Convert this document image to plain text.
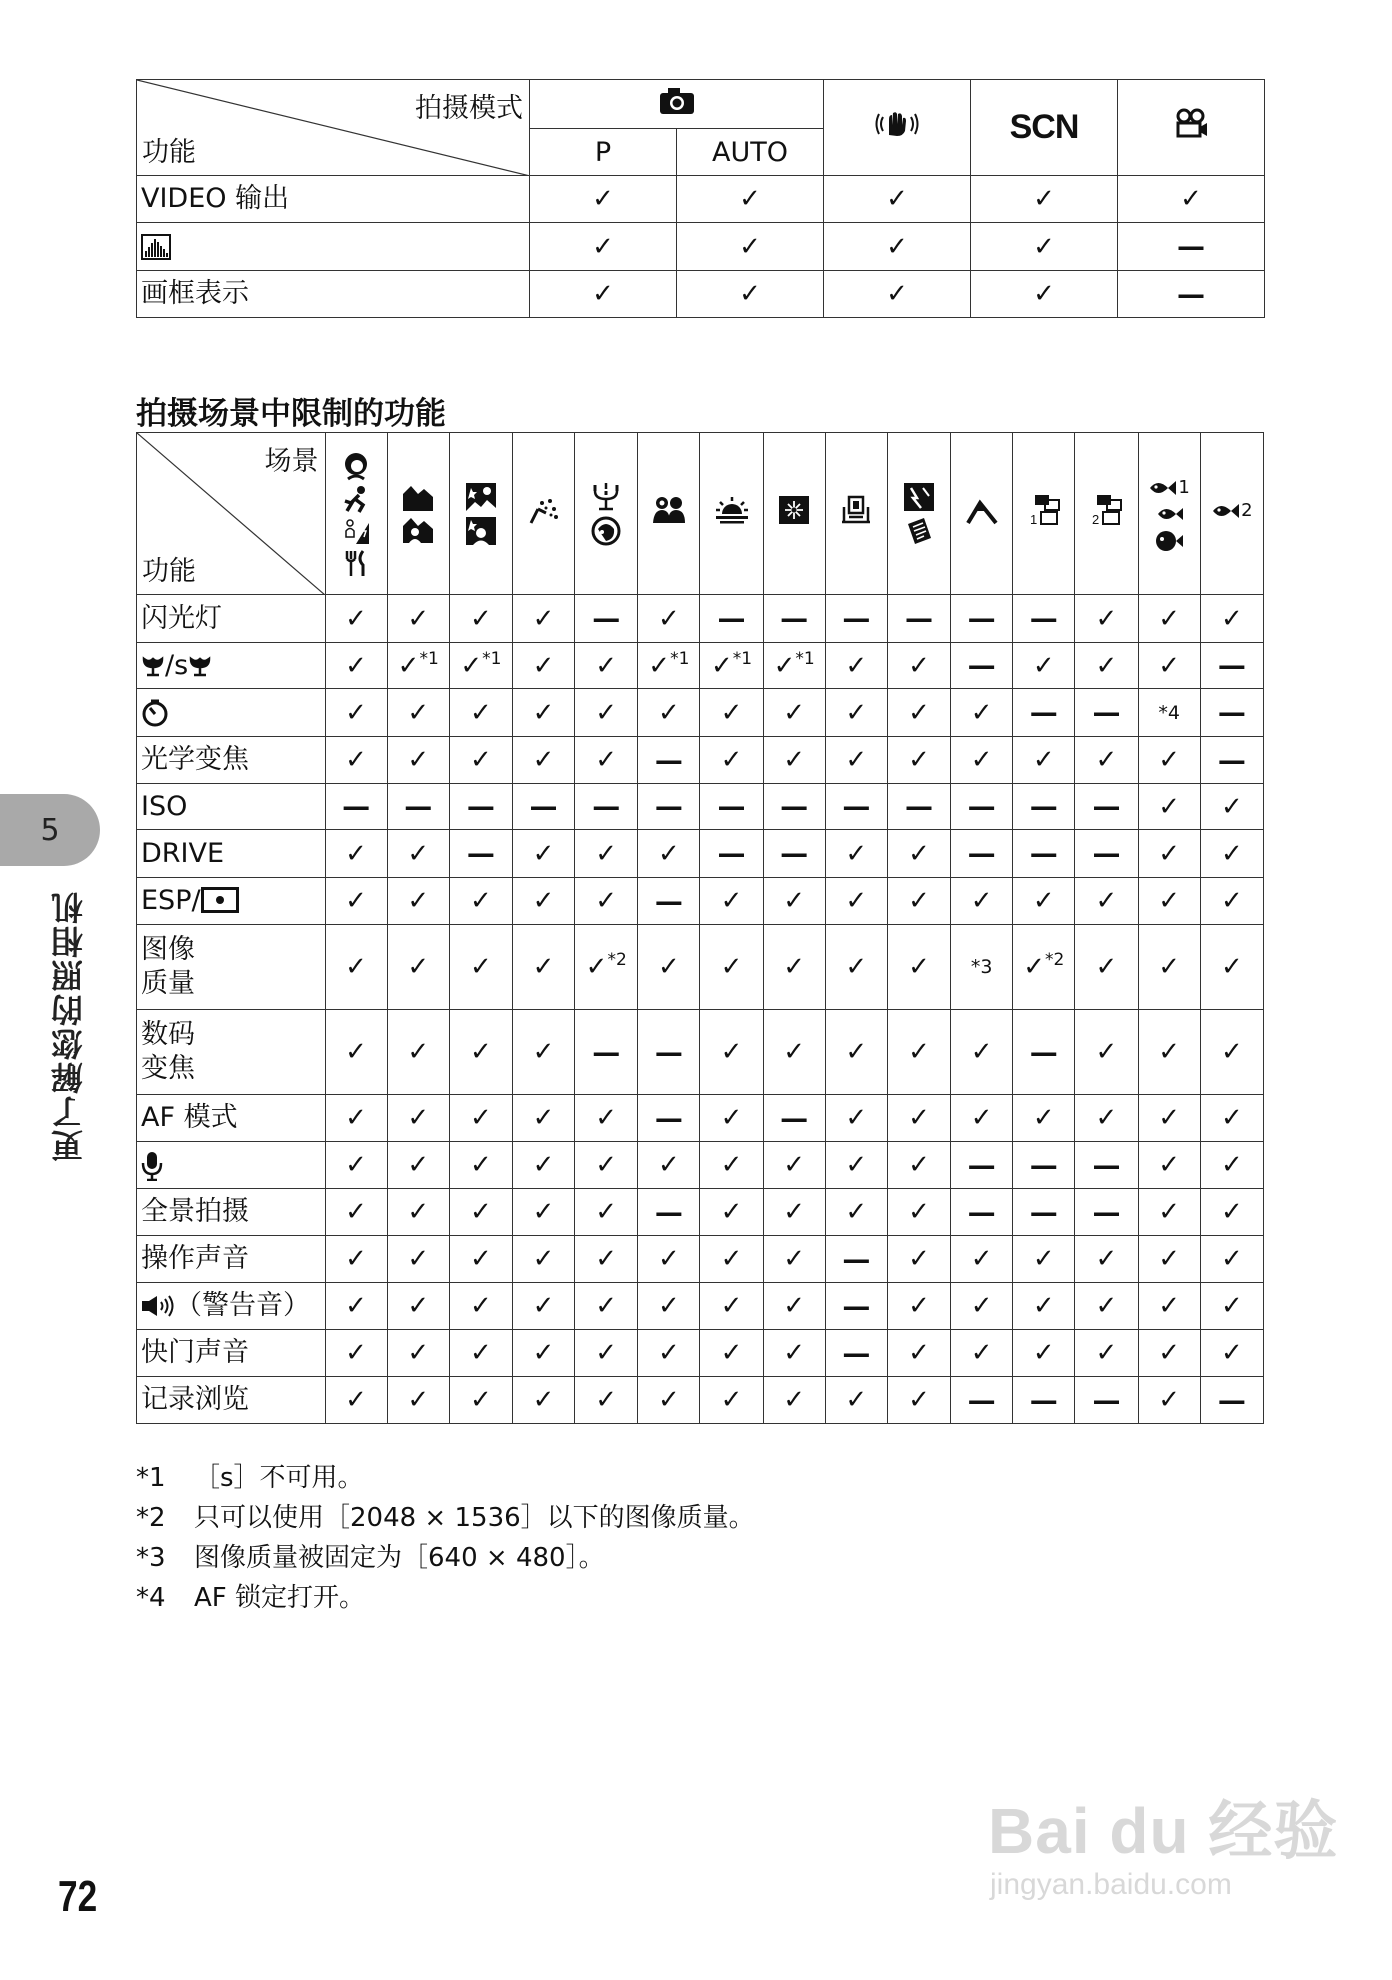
拍摄模式
功能				SCN	
	P	AUTO			
VIDEO 输出	✓	✓	✓	✓	✓
	✓	✓	✓	✓	—
画框表示	✓	✓	✓	✓	—
拍摄场景中限制的功能
场景
功能												1	2	1	2

闪光灯	✓	✓	✓	✓	—	✓	—	—	—	—	—	—	✓	✓	✓
/s	✓	✓$^{*1}$	✓$^{*1}$	✓	✓	✓$^{*1}$	✓$^{*1}$	✓$^{*1}$	✓	✓	—	✓	✓	✓	—
	✓	✓	✓	✓	✓	✓	✓	✓	✓	✓	✓	—	—	*4	—
光学变焦	✓	✓	✓	✓	✓	—	✓	✓	✓	✓	✓	✓	✓	✓	—
ISO	—	—	—	—	—	—	—	—	—	—	—	—	—	✓	✓
DRIVE	✓	✓	—	✓	✓	✓	—	—	✓	✓	—	—	—	✓	✓
ESP/	✓	✓	✓	✓	✓	—	✓	✓	✓	✓	✓	✓	✓	✓	✓
图像
质量	✓	✓	✓	✓	✓$^{*2}$	✓	✓	✓	✓	✓	*3	✓$^{*2}$	✓	✓	✓
数码
变焦	✓	✓	✓	✓	—	—	✓	✓	✓	✓	✓	—	✓	✓	✓
AF 模式	✓	✓	✓	✓	✓	—	✓	—	✓	✓	✓	✓	✓	✓	✓
	✓	✓	✓	✓	✓	✓	✓	✓	✓	✓	—	—	—	✓	✓
全景拍摄	✓	✓	✓	✓	✓	—	✓	✓	✓	✓	—	—	—	✓	✓
操作声音	✓	✓	✓	✓	✓	✓	✓	✓	—	✓	✓	✓	✓	✓	✓
（警告音）	✓	✓	✓	✓	✓	✓	✓	✓	—	✓	✓	✓	✓	✓	✓
快门声音	✓	✓	✓	✓	✓	✓	✓	✓	—	✓	✓	✓	✓	✓	✓
记录浏览	✓	✓	✓	✓	✓	✓	✓	✓	✓	✓	—	—	—	✓	—
*1 ［s］不可用。
*2 只可以使用［2048 × 1536］以下的图像质量。
*3 图像质量被固定为［640 × 480］。
*4 AF 锁定打开。
5
更了解您的照相机
72
Bai du 经验
jingyan.baidu.com
